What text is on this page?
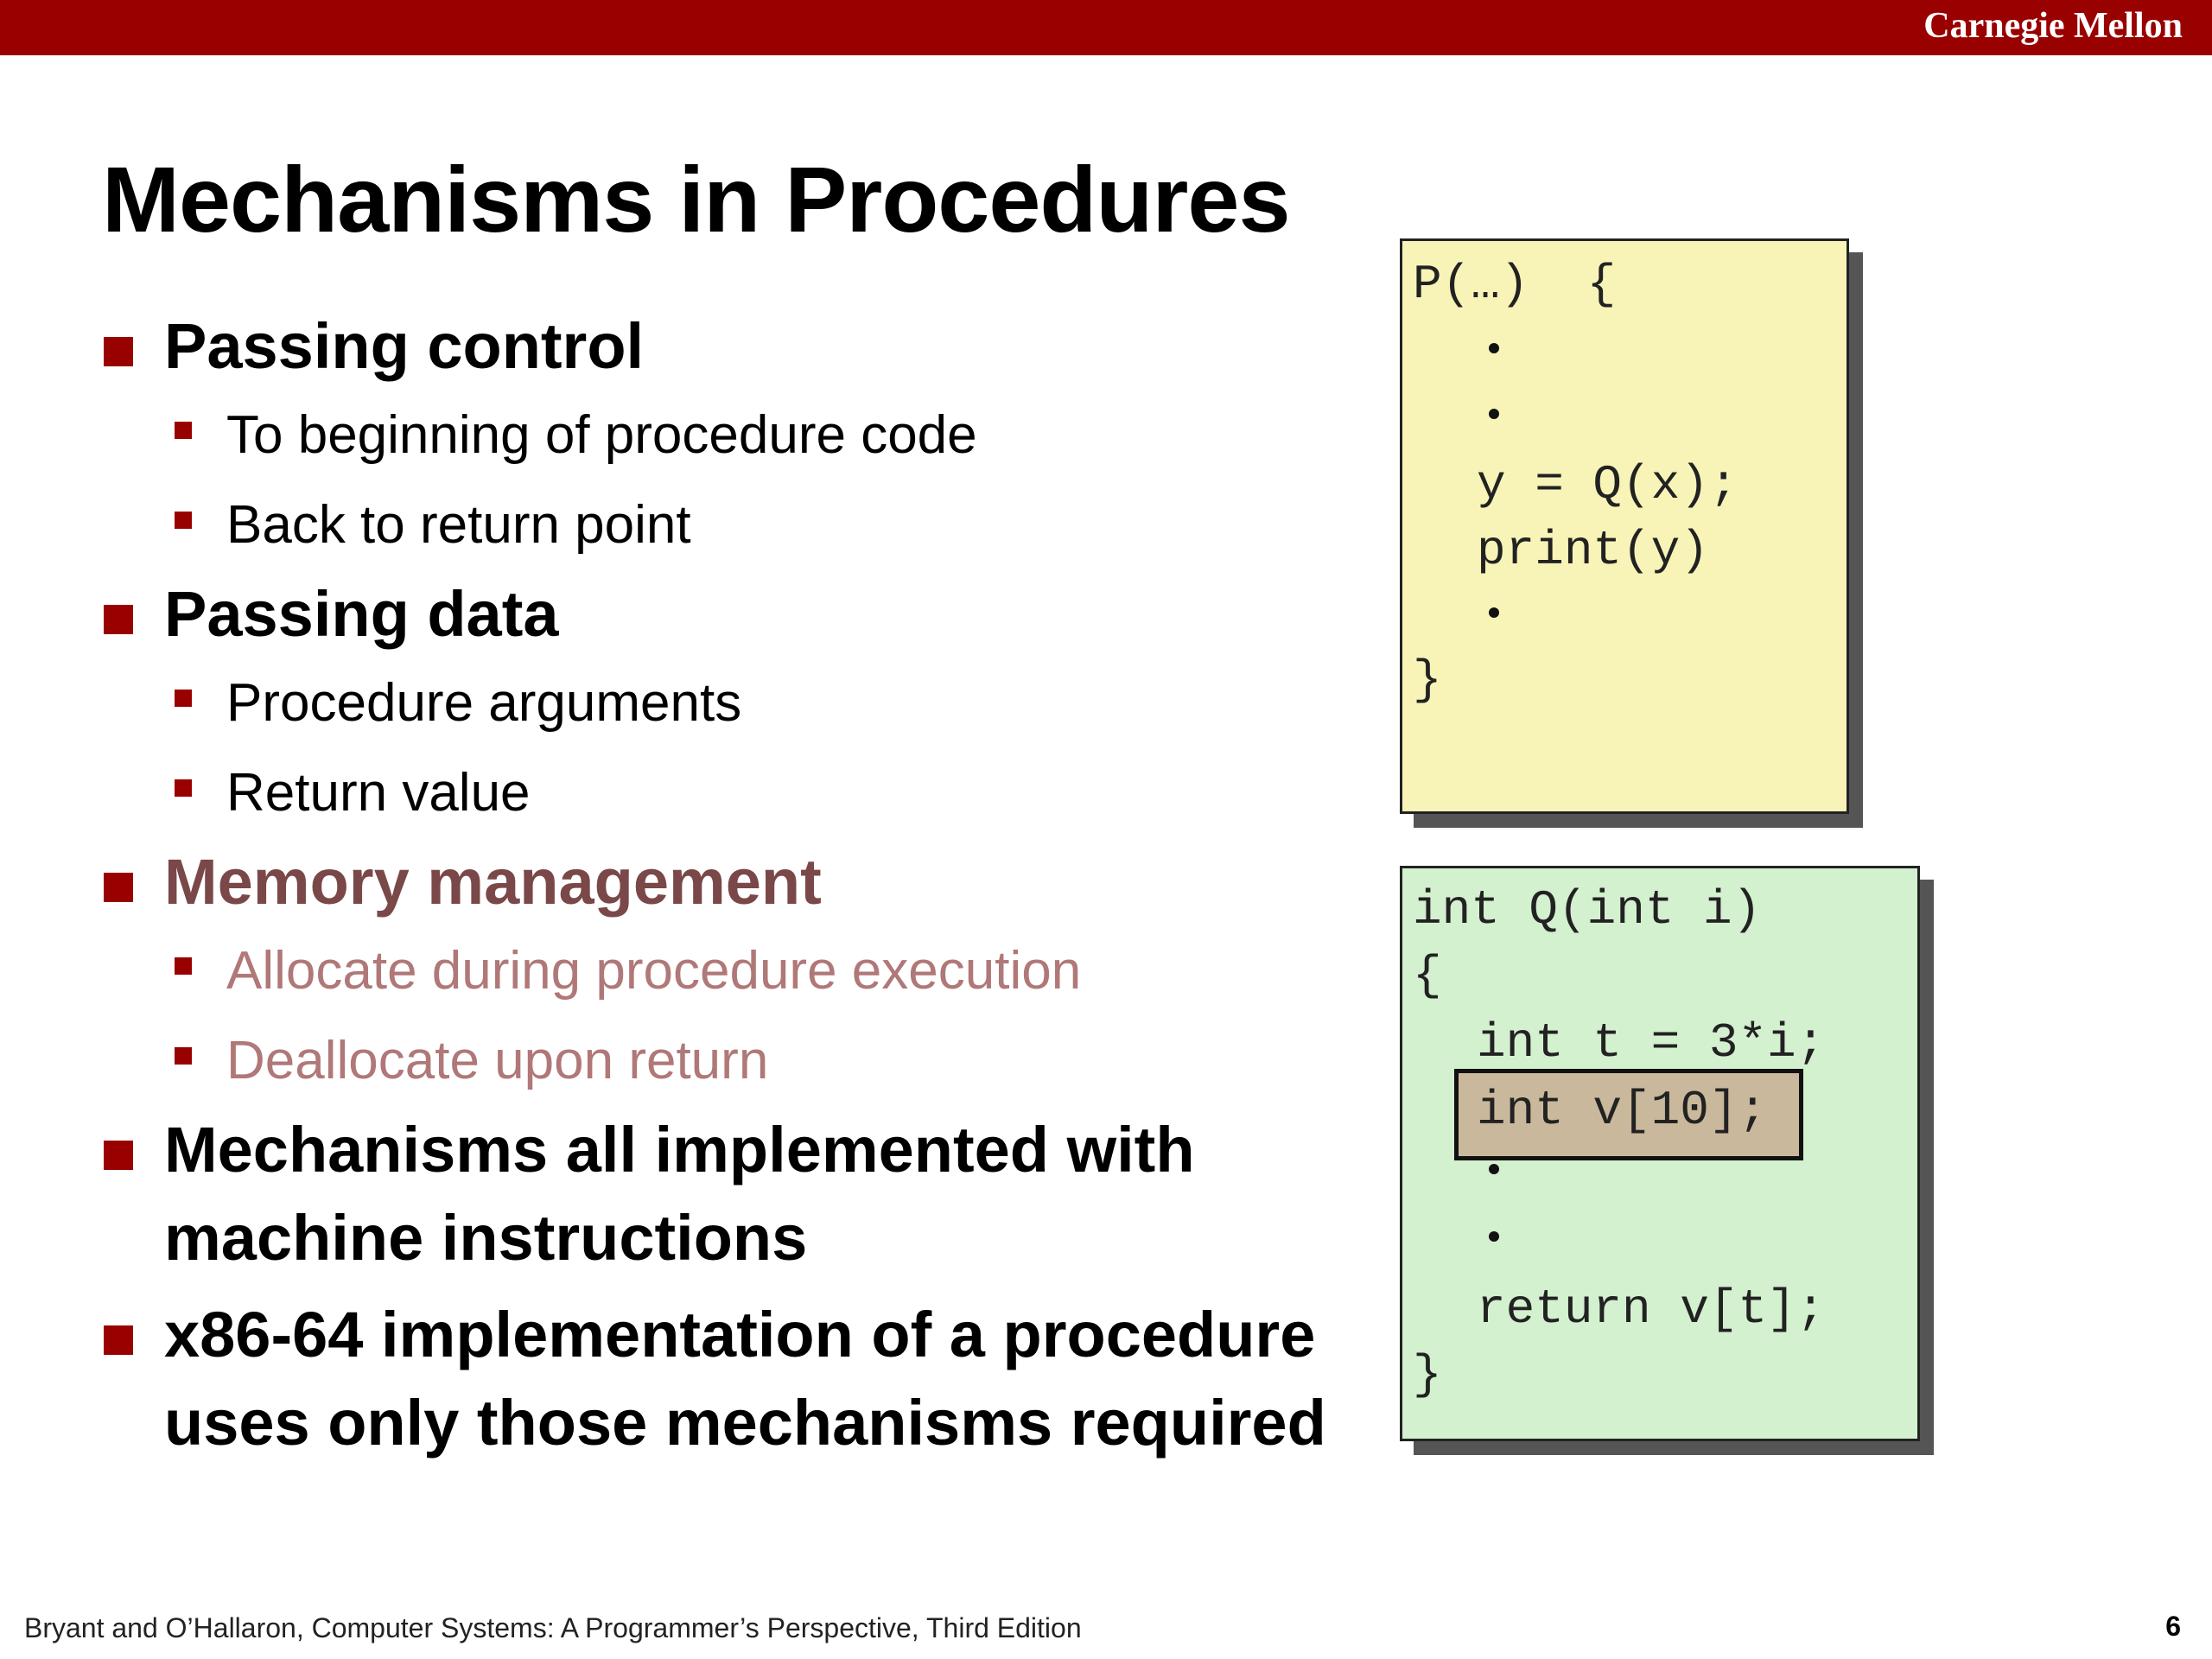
Carnegie Mellon
Mechanisms in Procedures
Passing control
To beginning of procedure code
Back to return point
Passing data
Procedure arguments
Return value
Memory management
Allocate during procedure execution
Deallocate upon return
Mechanisms all implemented with
machine instructions
x86-64 implementation of a procedure
uses only those mechanisms required
P(…)  {
y = Q(x);
print(y)
}
int Q(int i)
{
int t = 3*i;
int v[10];
return v[t];
}
Bryant and O’Hallaron, Computer Systems: A Programmer’s Perspective, Third Edition	6
